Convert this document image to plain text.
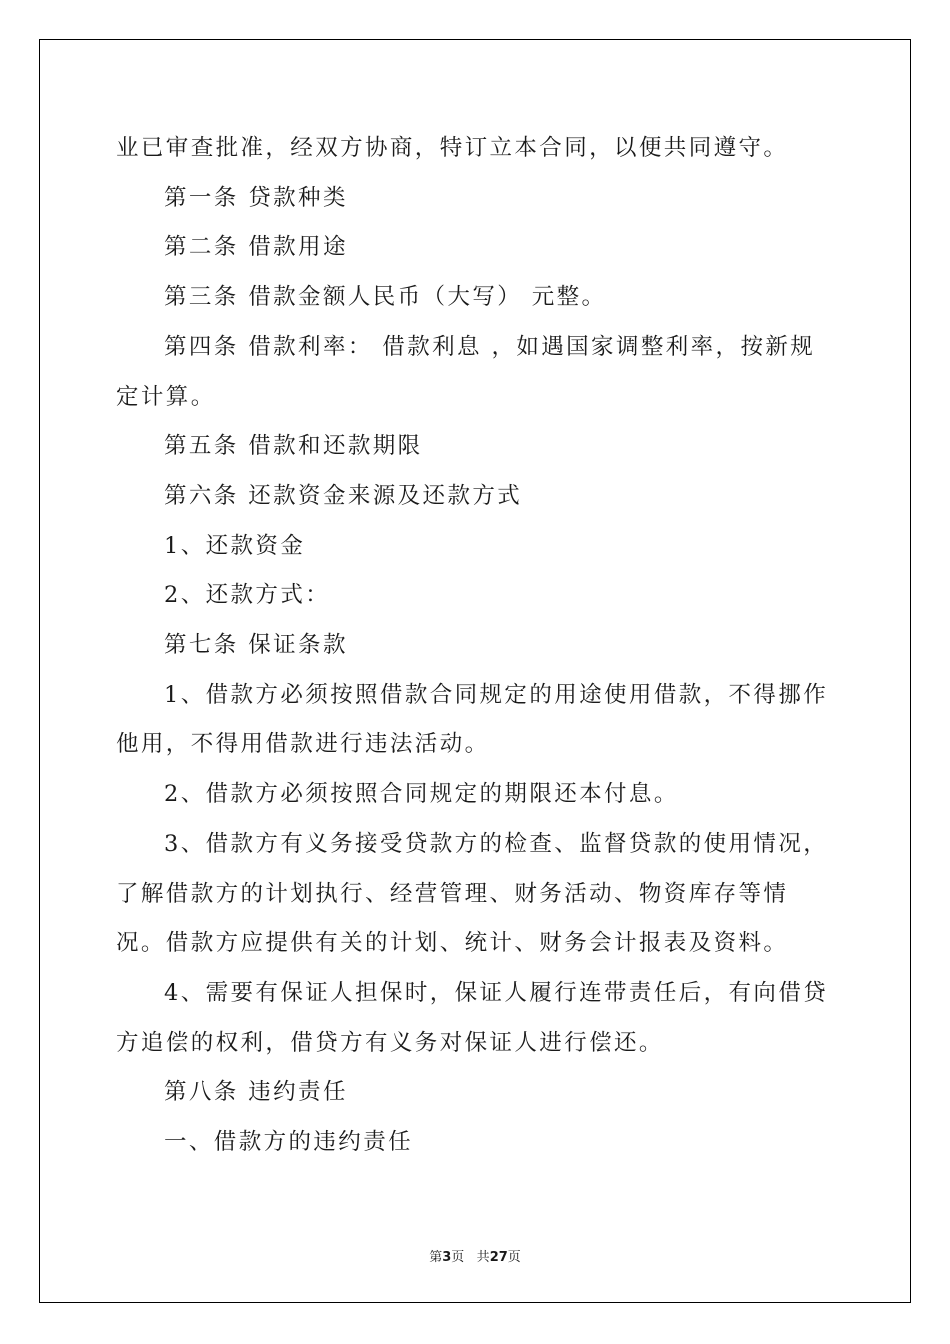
业已审查批准，经双方协商，特订立本合同，以便共同遵守。

第一条 贷款种类

第二条 借款用途

第三条 借款金额人民币（大写） 元整。

第四条 借款利率： 借款利息 ，如遇国家调整利率，按新规定计算。

第五条 借款和还款期限

第六条 还款资金来源及还款方式

1、还款资金

2、还款方式：

第七条 保证条款

1、借款方必须按照借款合同规定的用途使用借款，不得挪作他用，不得用借款进行违法活动。

2、借款方必须按照合同规定的期限还本付息。

3、借款方有义务接受贷款方的检查、监督贷款的使用情况，了解借款方的计划执行、经营管理、财务活动、物资库存等情况。借款方应提供有关的计划、统计、财务会计报表及资料。

4、需要有保证人担保时，保证人履行连带责任后，有向借贷方追偿的权利，借贷方有义务对保证人进行偿还。

第八条 违约责任

一、借款方的违约责任

第3页 共27页
